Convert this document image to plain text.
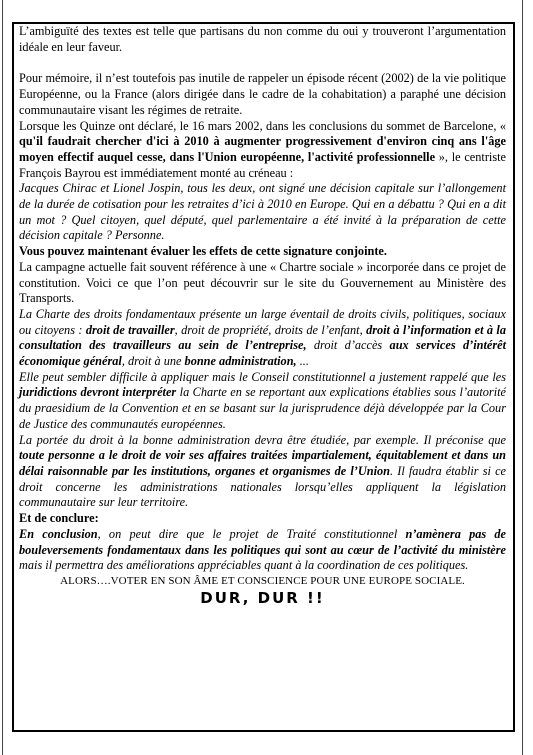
L’ambiguïté des textes est telle que partisans du non comme du oui y trouveront l’argumentation idéale en leur faveur.

Pour mémoire, il n’est toutefois pas inutile de rappeler un épisode récent (2002) de la vie politique Européenne, ou la France (alors dirigée dans le cadre de la cohabitation) a paraphé une décision communautaire visant les régimes de retraite.

Lorsque les Quinze ont déclaré, le 16 mars 2002, dans les conclusions du sommet de Barcelone, « qu'il faudrait chercher d'ici à 2010 à augmenter progressivement d'environ cinq ans l'âge moyen effectif auquel cesse, dans l'Union européenne, l'activité professionnelle », le centriste François Bayrou est immédiatement monté au créneau :

Jacques Chirac et Lionel Jospin, tous les deux, ont signé une décision capitale sur l’allongement de la durée de cotisation pour les retraites d’ici à 2010 en Europe. Qui en a débattu ? Qui en a dit un mot ? Quel citoyen, quel député, quel parlementaire a été invité à la préparation de cette décision capitale ? Personne.

Vous pouvez maintenant évaluer les effets de cette signature conjointe.

La campagne actuelle fait souvent référence à une « Chartre sociale » incorporée dans ce projet de constitution. Voici ce que l’on peut découvrir sur le site du Gouvernement au Ministère des Transports.

La Charte des droits fondamentaux présente un large éventail de droits civils, politiques, sociaux ou citoyens : droit de travailler, droit de propriété, droits de l’enfant, droit à l’information et à la consultation des travailleurs au sein de l’entreprise, droit d’accès aux services d’intérêt économique général, droit à une bonne administration, ...

Elle peut sembler difficile à appliquer mais le Conseil constitutionnel a justement rappelé que les juridictions devront interpréter la Charte en se reportant aux explications établies sous l’autorité du praesidium de la Convention et en se basant sur la jurisprudence déjà développée par la Cour de Justice des communautés européennes.

La portée du droit à la bonne administration devra être étudiée, par exemple. Il préconise que toute personne a le droit de voir ses affaires traitées impartialement, équitablement et dans un délai raisonnable par les institutions, organes et organismes de l’Union. Il faudra établir si ce droit concerne les administrations nationales lorsqu’elles appliquent la législation communautaire sur leur territoire.

Et de conclure:

En conclusion, on peut dire que le projet de Traité constitutionnel n’amènera pas de bouleversements fondamentaux dans les politiques qui sont au cœur de l’activité du ministère mais il permettra des améliorations appréciables quant à la coordination de ces politiques.

ALORS….VOTER EN SON ÂME ET CONSCIENCE POUR UNE EUROPE SOCIALE.

DUR, DUR !!
